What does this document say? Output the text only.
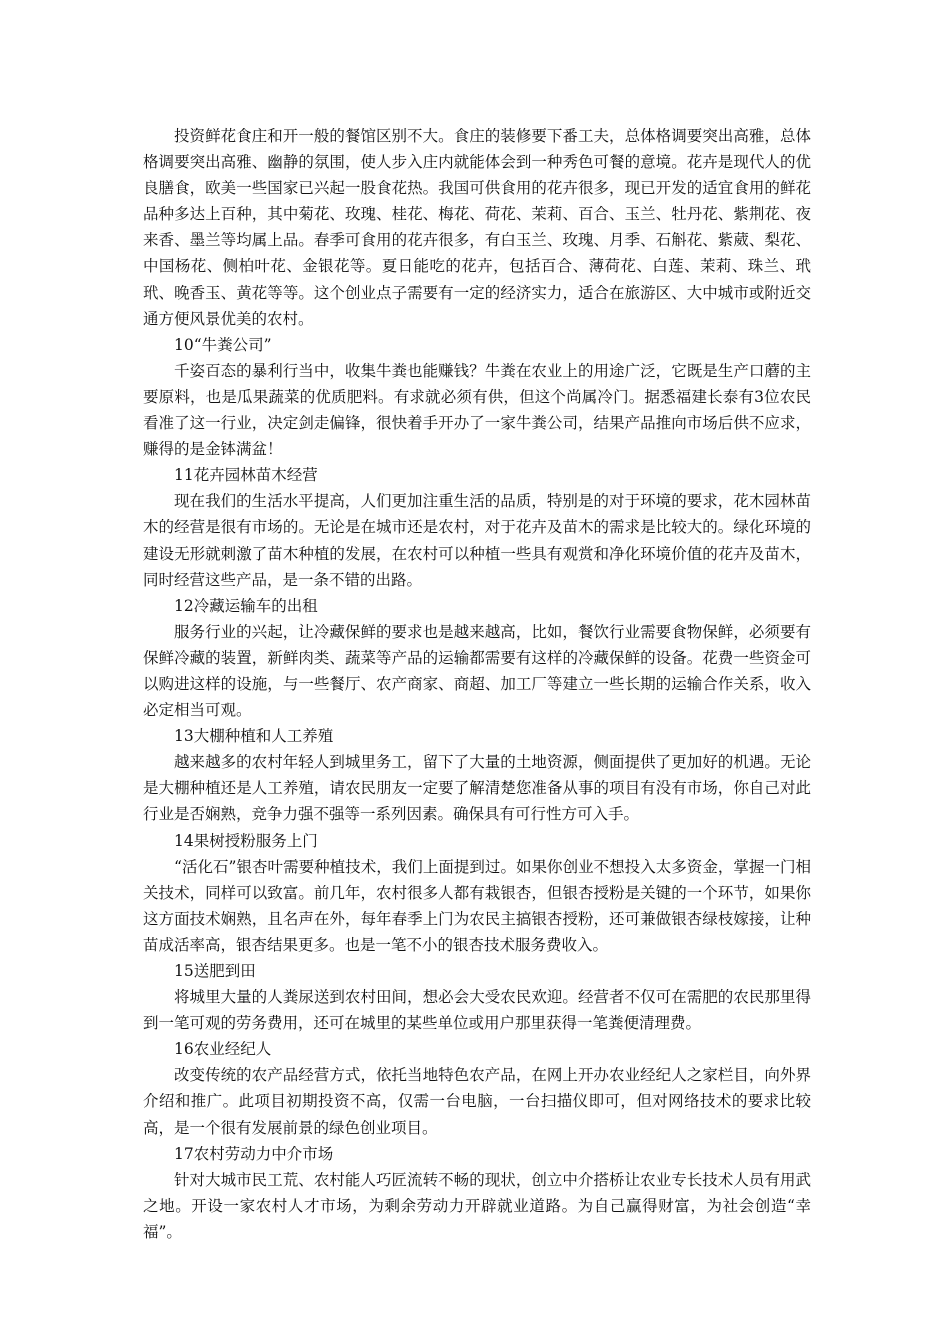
投资鲜花食庄和开一般的餐馆区别不大。食庄的装修要下番工夫，总体格调要突出高雅，总体格调要突出高雅、幽静的氛围，使人步入庄内就能体会到一种秀色可餐的意境。花卉是现代人的优良膳食，欧美一些国家已兴起一股食花热。我国可供食用的花卉很多，现已开发的适宜食用的鲜花品种多达上百种，其中菊花、玫瑰、桂花、梅花、荷花、茉莉、百合、玉兰、牡丹花、紫荆花、夜来香、墨兰等均属上品。春季可食用的花卉很多，有白玉兰、玫瑰、月季、石斛花、紫葳、梨花、中国杨花、侧柏叶花、金银花等。夏日能吃的花卉，包括百合、薄荷花、白莲、茉莉、珠兰、玳玳、晚香玉、黄花等等。这个创业点子需要有一定的经济实力，适合在旅游区、大中城市或附近交通方便风景优美的农村。

10“牛粪公司”

千姿百态的暴利行当中，收集牛粪也能赚钱？牛粪在农业上的用途广泛，它既是生产口蘑的主要原料，也是瓜果蔬菜的优质肥料。有求就必须有供，但这个尚属冷门。据悉福建长泰有3位农民看准了这一行业，决定剑走偏锋，很快着手开办了一家牛粪公司，结果产品推向市场后供不应求，赚得的是金钵满盆！

11花卉园林苗木经营

现在我们的生活水平提高，人们更加注重生活的品质，特别是的对于环境的要求，花木园林苗木的经营是很有市场的。无论是在城市还是农村，对于花卉及苗木的需求是比较大的。绿化环境的建设无形就刺激了苗木种植的发展，在农村可以种植一些具有观赏和净化环境价值的花卉及苗木，同时经营这些产品，是一条不错的出路。

12冷藏运输车的出租

服务行业的兴起，让冷藏保鲜的要求也是越来越高，比如，餐饮行业需要食物保鲜，必须要有保鲜冷藏的装置，新鲜肉类、蔬菜等产品的运输都需要有这样的冷藏保鲜的设备。花费一些资金可以购进这样的设施，与一些餐厅、农产商家、商超、加工厂等建立一些长期的运输合作关系，收入必定相当可观。

13大棚种植和人工养殖

越来越多的农村年轻人到城里务工，留下了大量的土地资源，侧面提供了更加好的机遇。无论是大棚种植还是人工养殖，请农民朋友一定要了解清楚您准备从事的项目有没有市场，你自己对此行业是否娴熟，竞争力强不强等一系列因素。确保具有可行性方可入手。

14果树授粉服务上门

“活化石”银杏叶需要种植技术，我们上面提到过。如果你创业不想投入太多资金，掌握一门相关技术，同样可以致富。前几年，农村很多人都有栽银杏，但银杏授粉是关键的一个环节，如果你这方面技术娴熟，且名声在外，每年春季上门为农民主搞银杏授粉，还可兼做银杏绿枝嫁接，让种苗成活率高，银杏结果更多。也是一笔不小的银杏技术服务费收入。

15送肥到田

将城里大量的人粪尿送到农村田间，想必会大受农民欢迎。经营者不仅可在需肥的农民那里得到一笔可观的劳务费用，还可在城里的某些单位或用户那里获得一笔粪便清理费。

16农业经纪人

改变传统的农产品经营方式，依托当地特色农产品，在网上开办农业经纪人之家栏目，向外界介绍和推广。此项目初期投资不高，仅需一台电脑，一台扫描仪即可，但对网络技术的要求比较高，是一个很有发展前景的绿色创业项目。

17农村劳动力中介市场

针对大城市民工荒、农村能人巧匠流转不畅的现状，创立中介搭桥让农业专长技术人员有用武之地。开设一家农村人才市场，为剩余劳动力开辟就业道路。为自己赢得财富，为社会创造“幸福”。
